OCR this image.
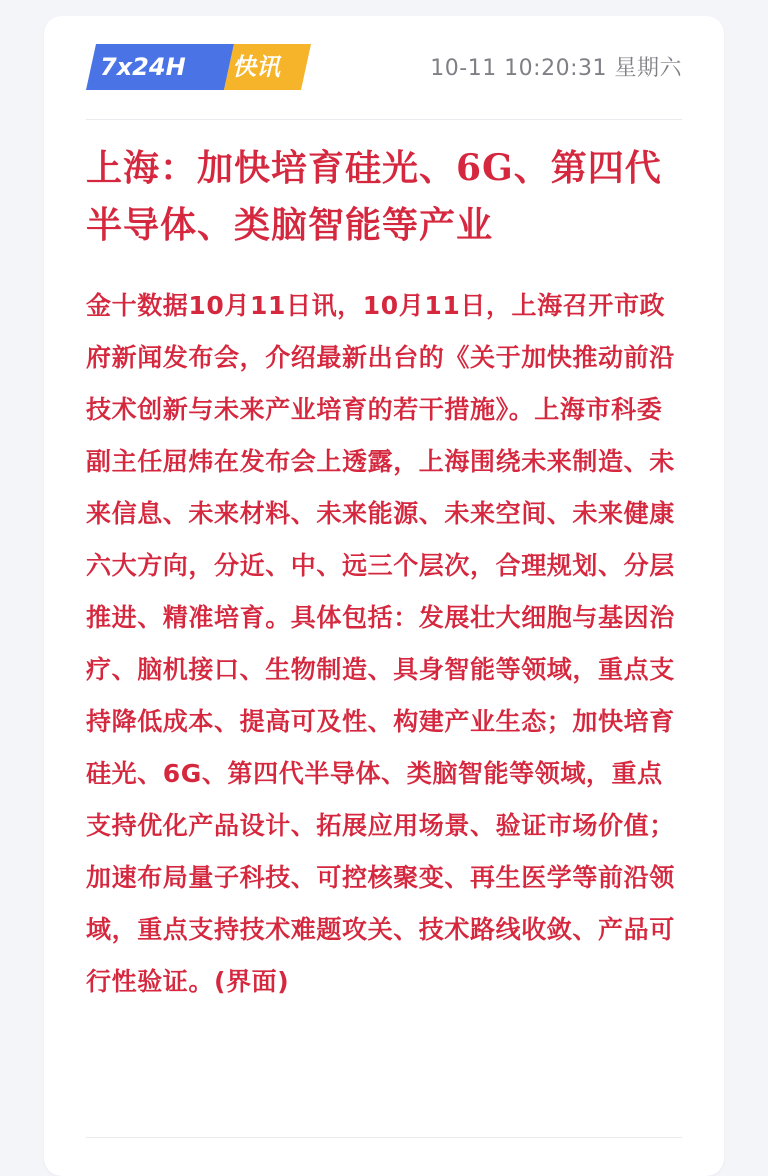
7x24H 快讯	10-11 10:20:31 星期六
上海：加快培育硅光、6G、第四代半导体、类脑智能等产业

金十数据10月11日讯，10月11日，上海召开市政府新闻发布会，介绍最新出台的《关于加快推动前沿技术创新与未来产业培育的若干措施》。上海市科委副主任屈炜在发布会上透露，上海围绕未来制造、未来信息、未来材料、未来能源、未来空间、未来健康六大方向，分近、中、远三个层次，合理规划、分层推进、精准培育。具体包括：发展壮大细胞与基因治疗、脑机接口、生物制造、具身智能等领域，重点支持降低成本、提高可及性、构建产业生态；加快培育硅光、6G、第四代半导体、类脑智能等领域，重点支持优化产品设计、拓展应用场景、验证市场价值；加速布局量子科技、可控核聚变、再生医学等前沿领域，重点支持技术难题攻关、技术路线收敛、产品可行性验证。(界面)
